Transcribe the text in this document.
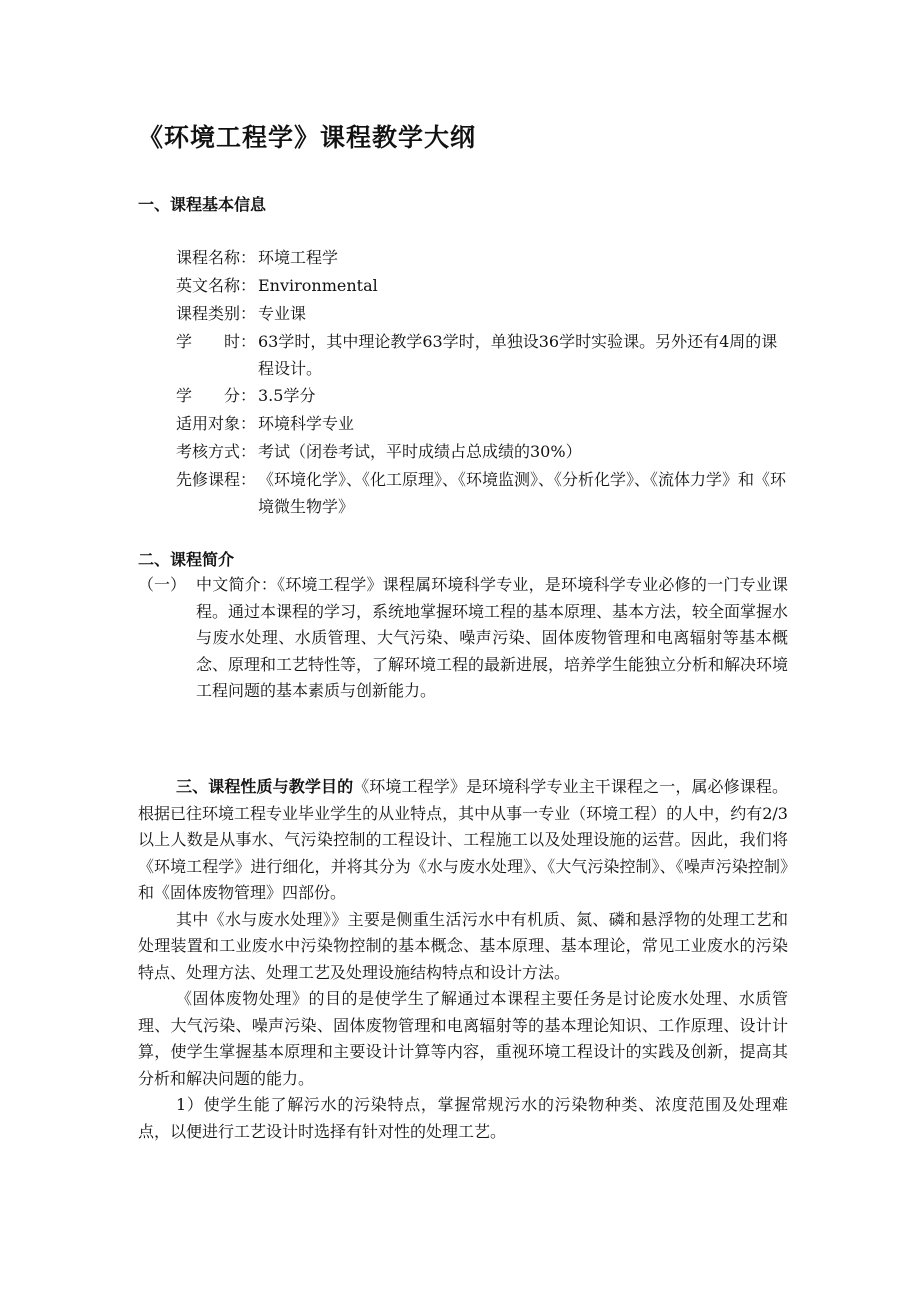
《环境工程学》课程教学大纲
一、课程基本信息
课程名称： 环境工程学
英文名称： Environmental
课程类别： 专业课
学　　时： 63学时，其中理论教学63学时，单独设36学时实验课。另外还有4周的课程设计。
学　　分： 3.5学分
适用对象： 环境科学专业
考核方式： 考试（闭卷考试，平时成绩占总成绩的30%）
先修课程： 《环境化学》、《化工原理》、《环境监测》、《分析化学》、《流体力学》和《环境微生物学》
二、课程简介
（一） 中文简介：《环境工程学》课程属环境科学专业，是环境科学专业必修的一门专业课程。通过本课程的学习，系统地掌握环境工程的基本原理、基本方法，较全面掌握水与废水处理、水质管理、大气污染、噪声污染、固体废物管理和电离辐射等基本概念、原理和工艺特性等，了解环境工程的最新进展，培养学生能独立分析和解决环境工程问题的基本素质与创新能力。

三、课程性质与教学目的《环境工程学》是环境科学专业主干课程之一，属必修课程。根据已往环境工程专业毕业学生的从业特点，其中从事一专业（环境工程）的人中，约有2/3以上人数是从事水、气污染控制的工程设计、工程施工以及处理设施的运营。因此，我们将《环境工程学》进行细化，并将其分为《水与废水处理》、《大气污染控制》、《噪声污染控制》和《固体废物管理》四部份。

其中《水与废水处理》》主要是侧重生活污水中有机质、氮、磷和悬浮物的处理工艺和处理装置和工业废水中污染物控制的基本概念、基本原理、基本理论，常见工业废水的污染特点、处理方法、处理工艺及处理设施结构特点和设计方法。

《固体废物处理》的目的是使学生了解通过本课程主要任务是讨论废水处理、水质管理、大气污染、噪声污染、固体废物管理和电离辐射等的基本理论知识、工作原理、设计计算，使学生掌握基本原理和主要设计计算等内容，重视环境工程设计的实践及创新，提高其分析和解决问题的能力。

1）使学生能了解污水的污染特点，掌握常规污水的污染物种类、浓度范围及处理难点，以便进行工艺设计时选择有针对性的处理工艺。
